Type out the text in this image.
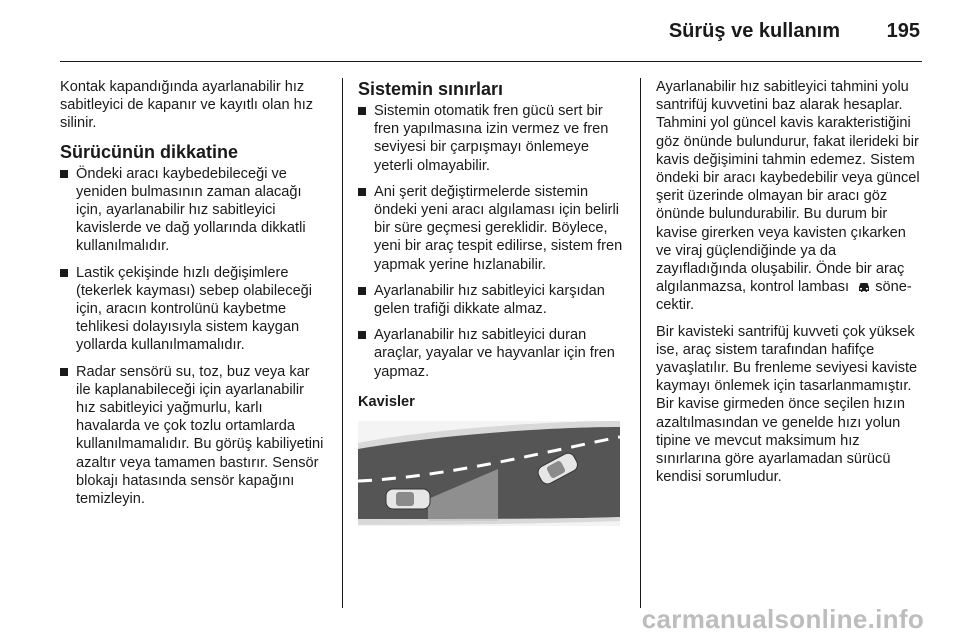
Sürüş ve kullanım 195

Kontak kapandığında ayarlanabilir hız sabitleyici de kapanır ve kayıtlı olan hız silinir.

Sürücünün dikkatine
Öndeki aracı kaybedebileceği ve yeniden bulmasının zaman alacağı için, ayarlanabilir hız sabitleyici kavislerde ve dağ yollarında dikkatli kullanılmalıdır.
Lastik çekişinde hızlı değişimlere (tekerlek kayması) sebep olabileceği için, aracın kontrolünü kaybetme tehlikesi dolayısıyla sistem kaygan yollarda kullanılmamalıdır.
Radar sensörü su, toz, buz veya kar ile kaplanabileceği için ayarlanabilir hız sabitleyici yağmurlu, karlı havalarda ve çok tozlu ortamlarda kullanılmamalıdır. Bu görüş kabiliyetini azaltır veya tamamen bastırır. Sensör blokajı hatasında sensör kapağını temizleyin.
Sistemin sınırları
Sistemin otomatik fren gücü sert bir fren yapılmasına izin vermez ve fren seviyesi bir çarpışmayı önlemeye yeterli olmayabilir.
Ani şerit değiştirmelerde sistemin öndeki yeni aracı algılaması için belirli bir süre geçmesi gereklidir. Böylece, yeni bir araç tespit edilirse, sistem fren yapmak yerine hızlanabilir.
Ayarlanabilir hız sabitleyici karşıdan gelen trafiği dikkate almaz.
Ayarlanabilir hız sabitleyici duran araçlar, yayalar ve hayvanlar için fren yapmaz.
Kavisler

Ayarlanabilir hız sabitleyici tahmini yolu santrifüj kuvvetini baz alarak hesaplar. Tahmini yol güncel kavis karakteristiğini göz önünde bulundurur, fakat ilerideki bir kavis değişimini tahmin edemez. Sistem öndeki bir aracı kaybedebilir veya güncel şerit üzerinde olmayan bir aracı göz önünde bulundurabilir. Bu durum bir kavise girerken veya kavisten çıkarken ve viraj güçlendiğinde ya da zayıfladığında oluşabilir. Önde bir araç algılanmazsa, kontrol lambası sönecektir.

Bir kavisteki santrifüj kuvveti çok yüksek ise, araç sistem tarafından hafifçe yavaşlatılır. Bu frenleme seviyesi kaviste kaymayı önlemek için tasarlanmamıştır. Bir kavise girmeden önce seçilen hızın azaltılmasından ve genelde hızı yolun tipine ve mevcut maksimum hız sınırlarına göre ayarlamadan sürücü kendisi sorumludur.

carmanualsonline.info
